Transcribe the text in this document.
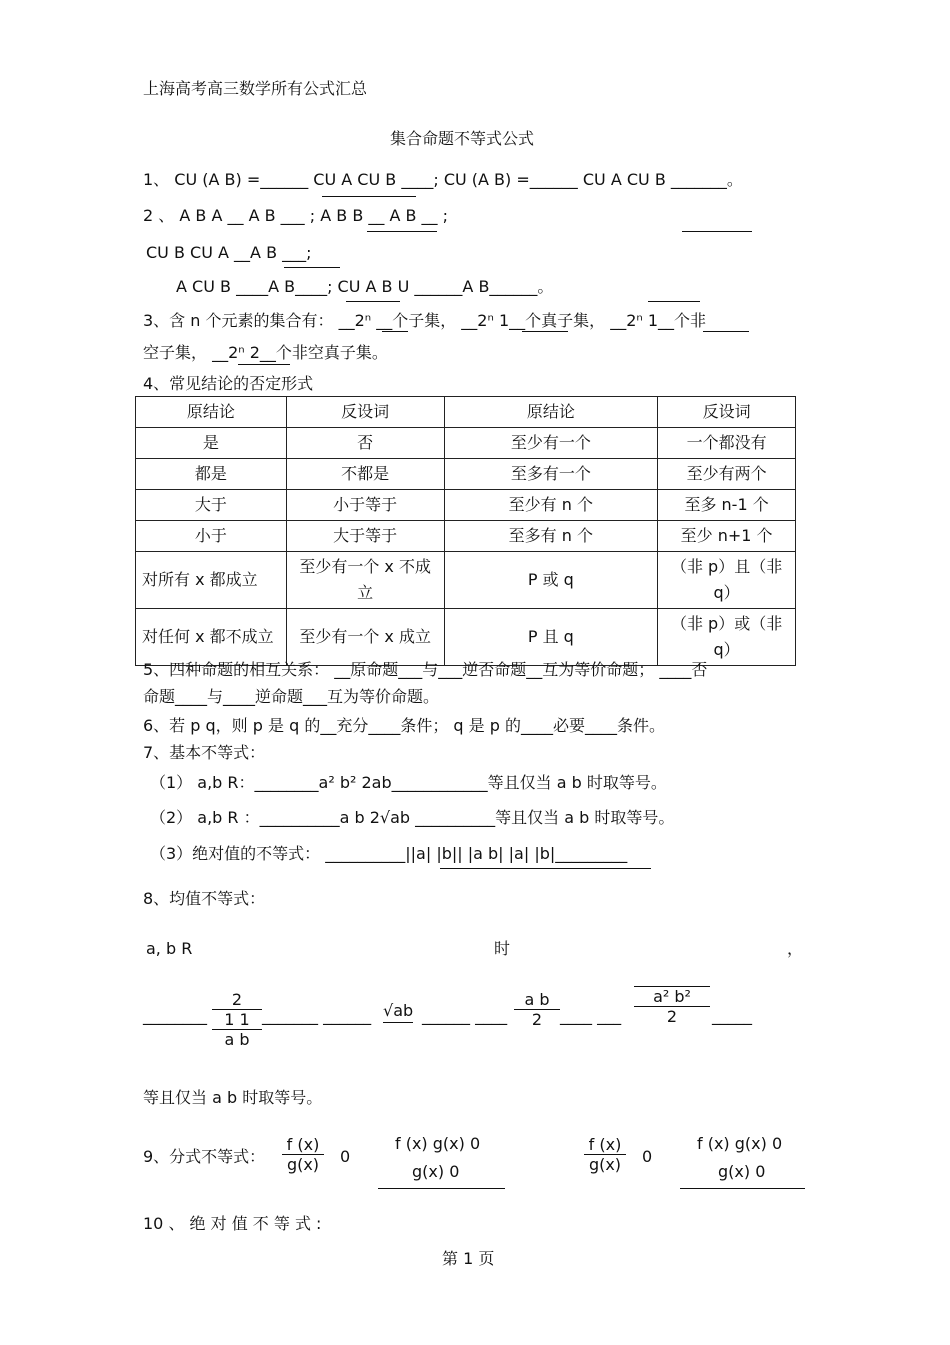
上海高考高三数学所有公式汇总
集合命题不等式公式
1、 CU (A B) =______ CU A CU B ____; CU (A B) =______ CU A CU B _______。
2 、 A B A __ A B ___ ; A B B __ A B __ ;
CU B CU A __A B ___;
A CU B ____A B____; CU A B U ______A B______。
3、含 n 个元素的集合有： __2ⁿ __个子集， __2ⁿ 1__个真子集， __2ⁿ 1__个非
空子集， __2ⁿ 2__个非空真子集。
4、常见结论的否定形式
原结论	反设词	原结论	反设词
是	否	至少有一个	一个都没有
都是	不都是	至多有一个	至少有两个
大于	小于等于	至少有 n 个	至多 n-1 个
小于	大于等于	至多有 n 个	至少 n+1 个
对所有 x 都成立	至少有一个 x 不成立	P 或 q	（非 p）且（非 q）
对任何 x 都不成立	至少有一个 x 成立	P 且 q	（非 p）或（非 q）
5、四种命题的相互关系： __原命题___与___逆否命题__互为等价命题； ____否
命题____与____逆命题___互为等价命题。
6、若 p q，则 p 是 q 的__充分____条件； q 是 p 的____必要____条件。
7、基本不等式：
（1） a,b R：________a² b² 2ab____________等且仅当 a b 时取等号。
（2） a,b R ：__________a b 2√ab __________等且仅当 a b 时取等号。
（3）绝对值的不等式： __________||a| |b|| |a b| |a| |b|_________
8、均值不等式：
a, b R	时	，
________
2
1 1
a b
_______ ______ √ab ______ ____ $\frac{\text{a b}}{2}$ ____ ___ $\frac{\text{a² b²}}{2}$ _____
等且仅当 a b 时取等号。
9、分式不等式： $\frac{f (x)}{g(x)} 0$
f (x) g(x) 0
g(x) 0	$\frac{f (x)}{g(x)} 0$
f (x) g(x) 0
g(x) 0
10 、 绝 对 值 不 等 式 :
第 1 页
